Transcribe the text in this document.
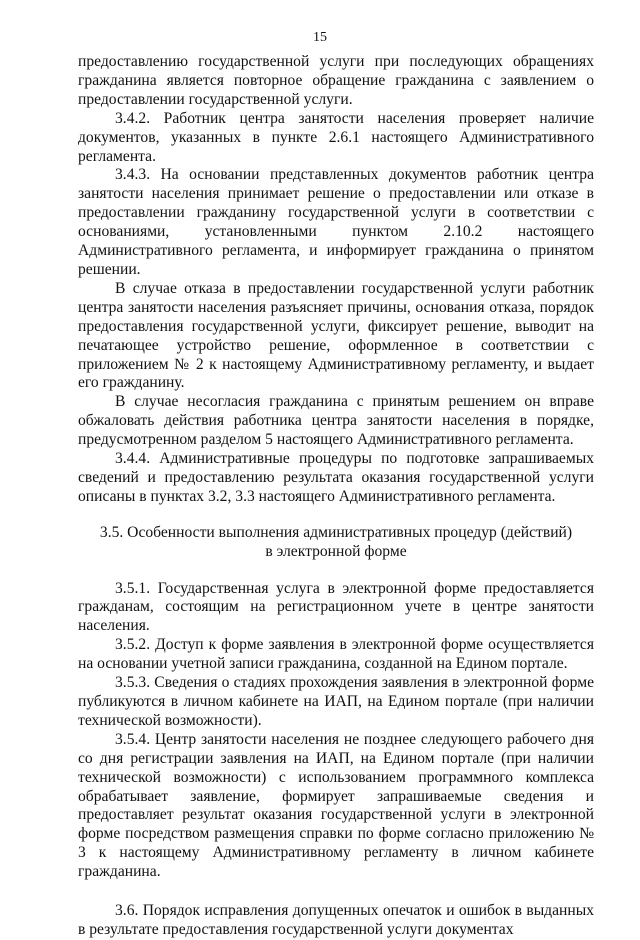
15

предоставлению государственной услуги при последующих обращениях гражданина является повторное обращение гражданина с заявлением о предоставлении государственной услуги.

3.4.2. Работник центра занятости населения проверяет наличие документов, указанных в пункте 2.6.1 настоящего Административного регламента.

3.4.3. На основании представленных документов работник центра занятости населения принимает решение о предоставлении или отказе в предоставлении гражданину государственной услуги в соответствии с основаниями, установленными пунктом 2.10.2 настоящего Административного регламента, и информирует гражданина о принятом решении.

В случае отказа в предоставлении государственной услуги работник центра занятости населения разъясняет причины, основания отказа, порядок предоставления государственной услуги, фиксирует решение, выводит на печатающее устройство решение, оформленное в соответствии с приложением № 2 к настоящему Административному регламенту, и выдает его гражданину.

В случае несогласия гражданина с принятым решением он вправе обжаловать действия работника центра занятости населения в порядке, предусмотренном разделом 5 настоящего Административного регламента.

3.4.4. Административные процедуры по подготовке запрашиваемых сведений и предоставлению результата оказания государственной услуги описаны в пунктах 3.2, 3.3 настоящего Административного регламента.

3.5. Особенности выполнения административных процедур (действий)
в электронной форме

3.5.1. Государственная услуга в электронной форме предоставляется гражданам, состоящим на регистрационном учете в центре занятости населения.

3.5.2. Доступ к форме заявления в электронной форме осуществляется на основании учетной записи гражданина, созданной на Едином портале.

3.5.3. Сведения о стадиях прохождения заявления в электронной форме публикуются в личном кабинете на ИАП, на Едином портале (при наличии технической возможности).

3.5.4. Центр занятости населения не позднее следующего рабочего дня со дня регистрации заявления на ИАП, на Едином портале (при наличии технической возможности) с использованием программного комплекса обрабатывает заявление, формирует запрашиваемые сведения и предоставляет результат оказания государственной услуги в электронной форме посредством размещения справки по форме согласно приложению № 3 к настоящему Административному регламенту в личном кабинете гражданина.

3.6. Порядок исправления допущенных опечаток и ошибок в выданных в результате предоставления государственной услуги документах
